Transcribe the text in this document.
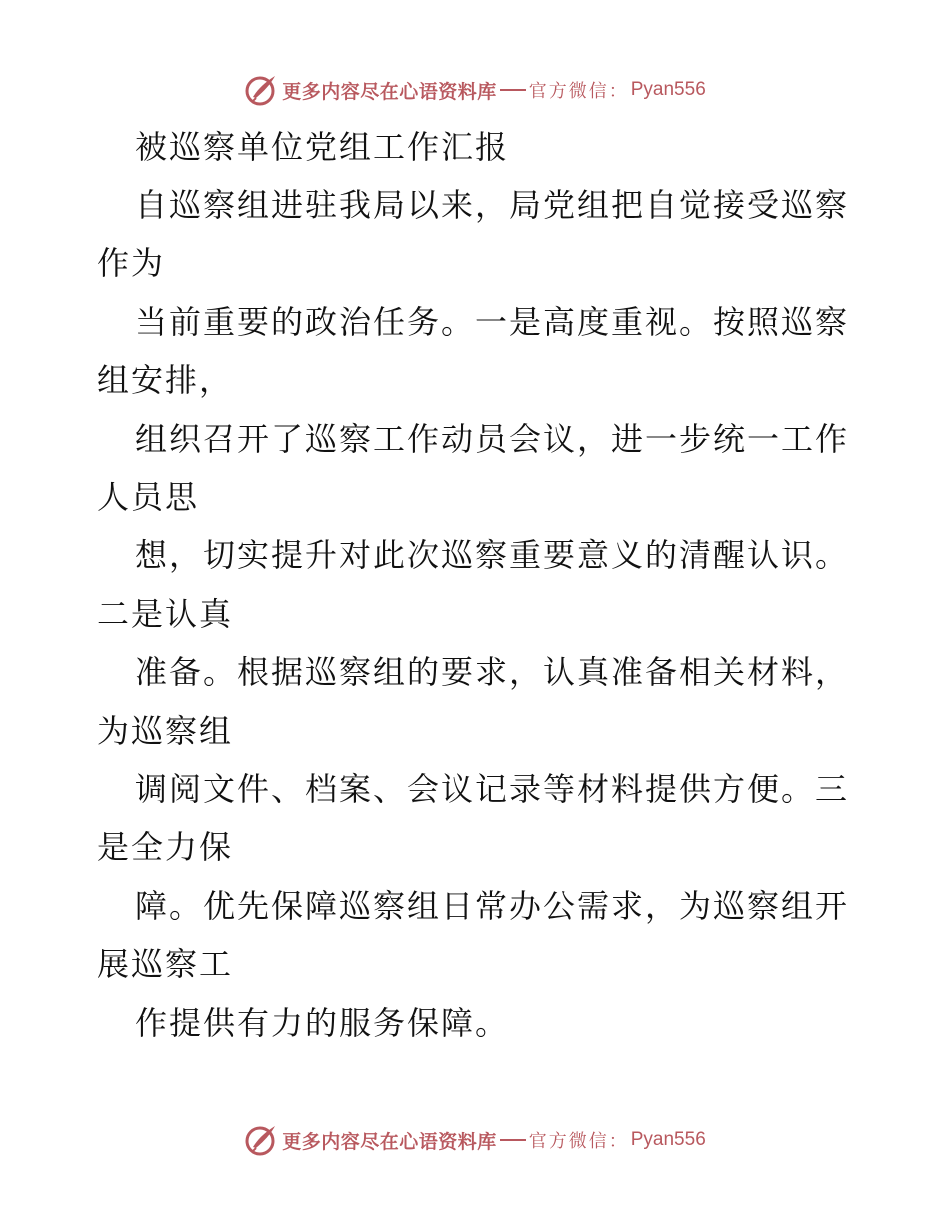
更多内容尽在心语资料库 官方微信： Pyan556
被巡察单位党组工作汇报
自巡察组进驻我局以来，局党组把自觉接受巡察
作为
当前重要的政治任务。一是高度重视。按照巡察
组安排，
组织召开了巡察工作动员会议，进一步统一工作
人员思
想，切实提升对此次巡察重要意义的清醒认识。
二是认真
准备。根据巡察组的要求，认真准备相关材料，
为巡察组
调阅文件、档案、会议记录等材料提供方便。三
是全力保
障。优先保障巡察组日常办公需求，为巡察组开
展巡察工
作提供有力的服务保障。
更多内容尽在心语资料库 官方微信： Pyan556
